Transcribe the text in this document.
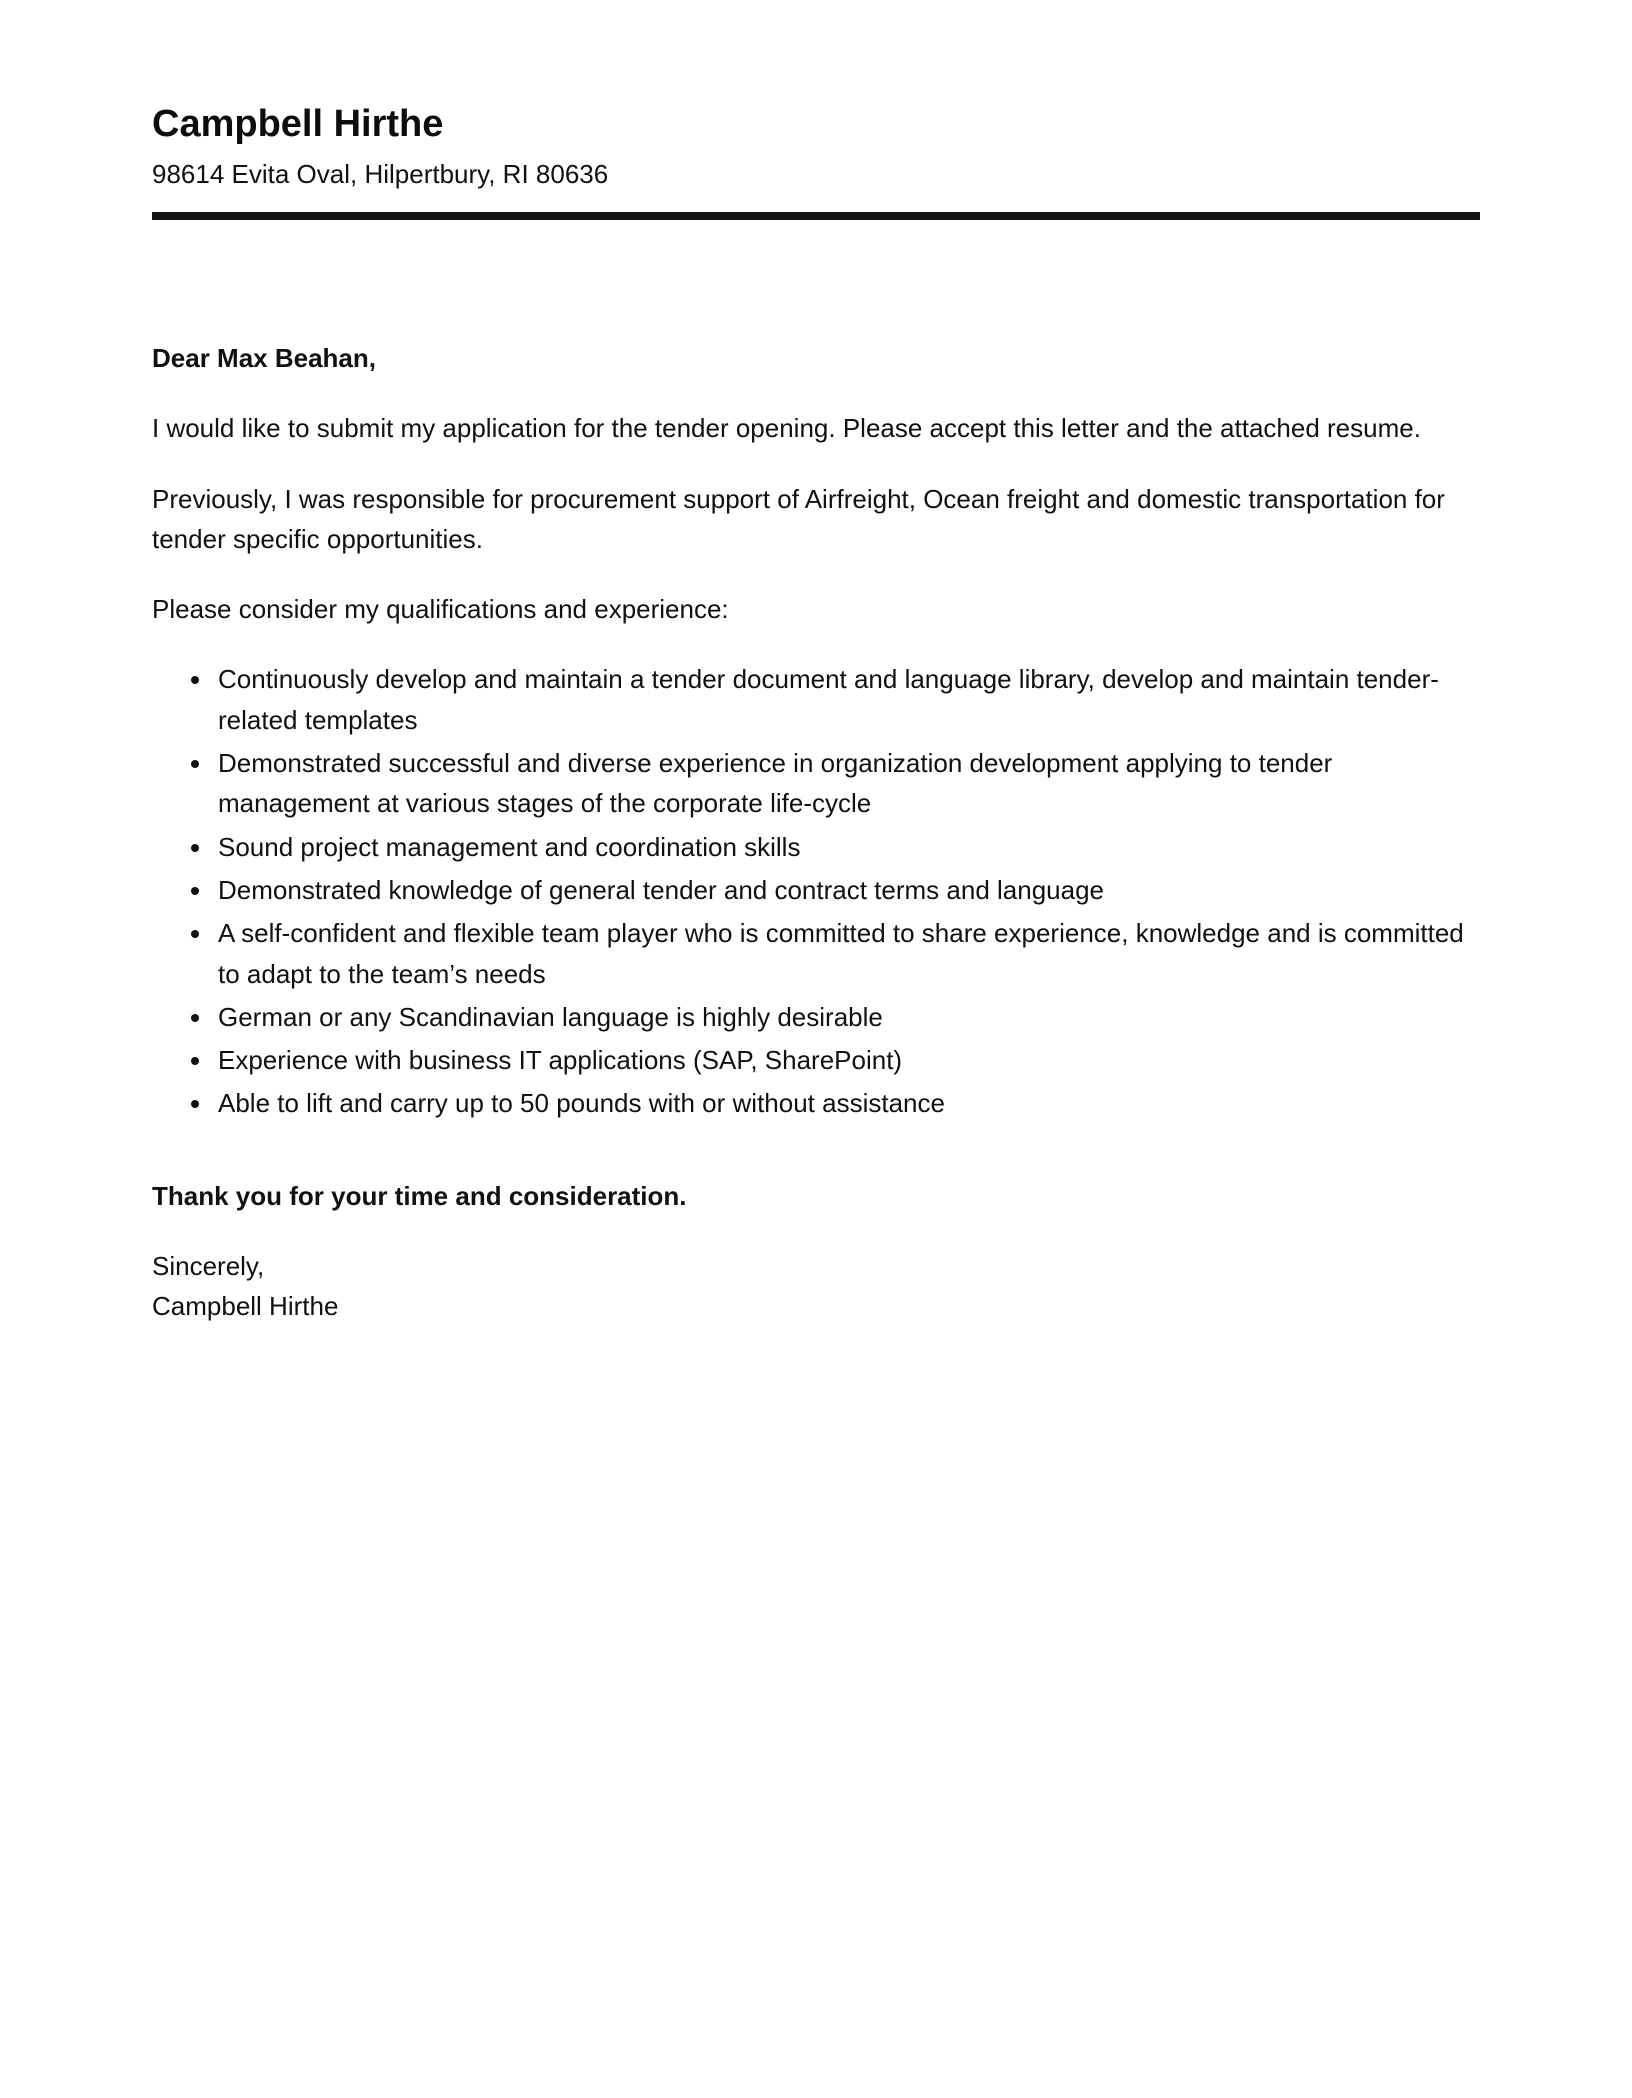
Campbell Hirthe

98614 Evita Oval, Hilpertbury, RI 80636

Dear Max Beahan,

I would like to submit my application for the tender opening. Please accept this letter and the attached resume.

Previously, I was responsible for procurement support of Airfreight, Ocean freight and domestic transportation for tender specific opportunities.

Please consider my qualifications and experience:

• Continuously develop and maintain a tender document and language library, develop and maintain tender-related templates
• Demonstrated successful and diverse experience in organization development applying to tender management at various stages of the corporate life-cycle
• Sound project management and coordination skills
• Demonstrated knowledge of general tender and contract terms and language
• A self-confident and flexible team player who is committed to share experience, knowledge and is committed to adapt to the team’s needs
• German or any Scandinavian language is highly desirable
• Experience with business IT applications (SAP, SharePoint)
• Able to lift and carry up to 50 pounds with or without assistance

Thank you for your time and consideration.

Sincerely,
Campbell Hirthe
